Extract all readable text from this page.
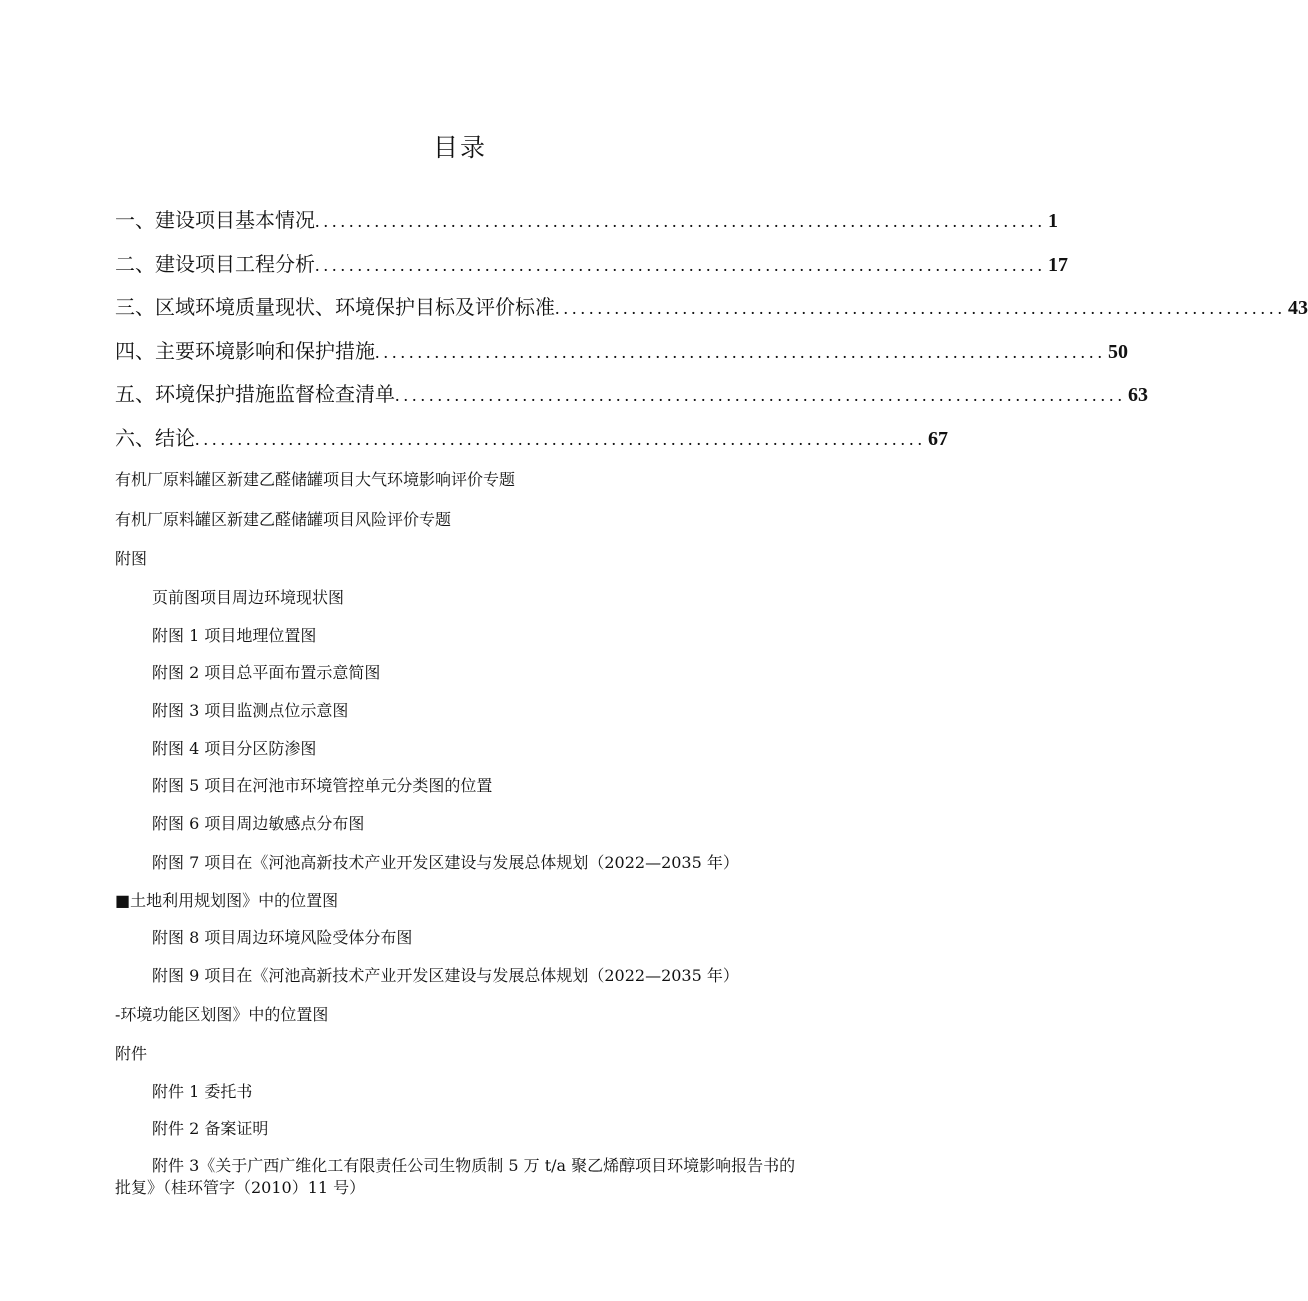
目录
一、建设项目基本情况 ...................................................................................... 1
二、建设项目工程分析 ...................................................................................... 17
三、区域环境质量现状、环境保护目标及评价标准 ...................................................................................... 43
四、主要环境影响和保护措施 ...................................................................................... 50
五、环境保护措施监督检查清单 ...................................................................................... 63
六、结论 ...................................................................................... 67
有机厂原料罐区新建乙醛储罐项目大气环境影响评价专题
有机厂原料罐区新建乙醛储罐项目风险评价专题
附图
页前图项目周边环境现状图
附图 1 项目地理位置图
附图 2 项目总平面布置示意简图
附图 3 项目监测点位示意图
附图 4 项目分区防渗图
附图 5 项目在河池市环境管控单元分类图的位置
附图 6 项目周边敏感点分布图
附图 7 项目在《河池高新技术产业开发区建设与发展总体规划（2022—2035 年）
■土地利用规划图》中的位置图
附图 8 项目周边环境风险受体分布图
附图 9 项目在《河池高新技术产业开发区建设与发展总体规划（2022—2035 年）
-环境功能区划图》中的位置图
附件
附件 1 委托书
附件 2 备案证明
附件 3《关于广西广维化工有限责任公司生物质制 5 万 t/a 聚乙烯醇项目环境影响报告书的批复》（桂环管字（2010）11 号）
